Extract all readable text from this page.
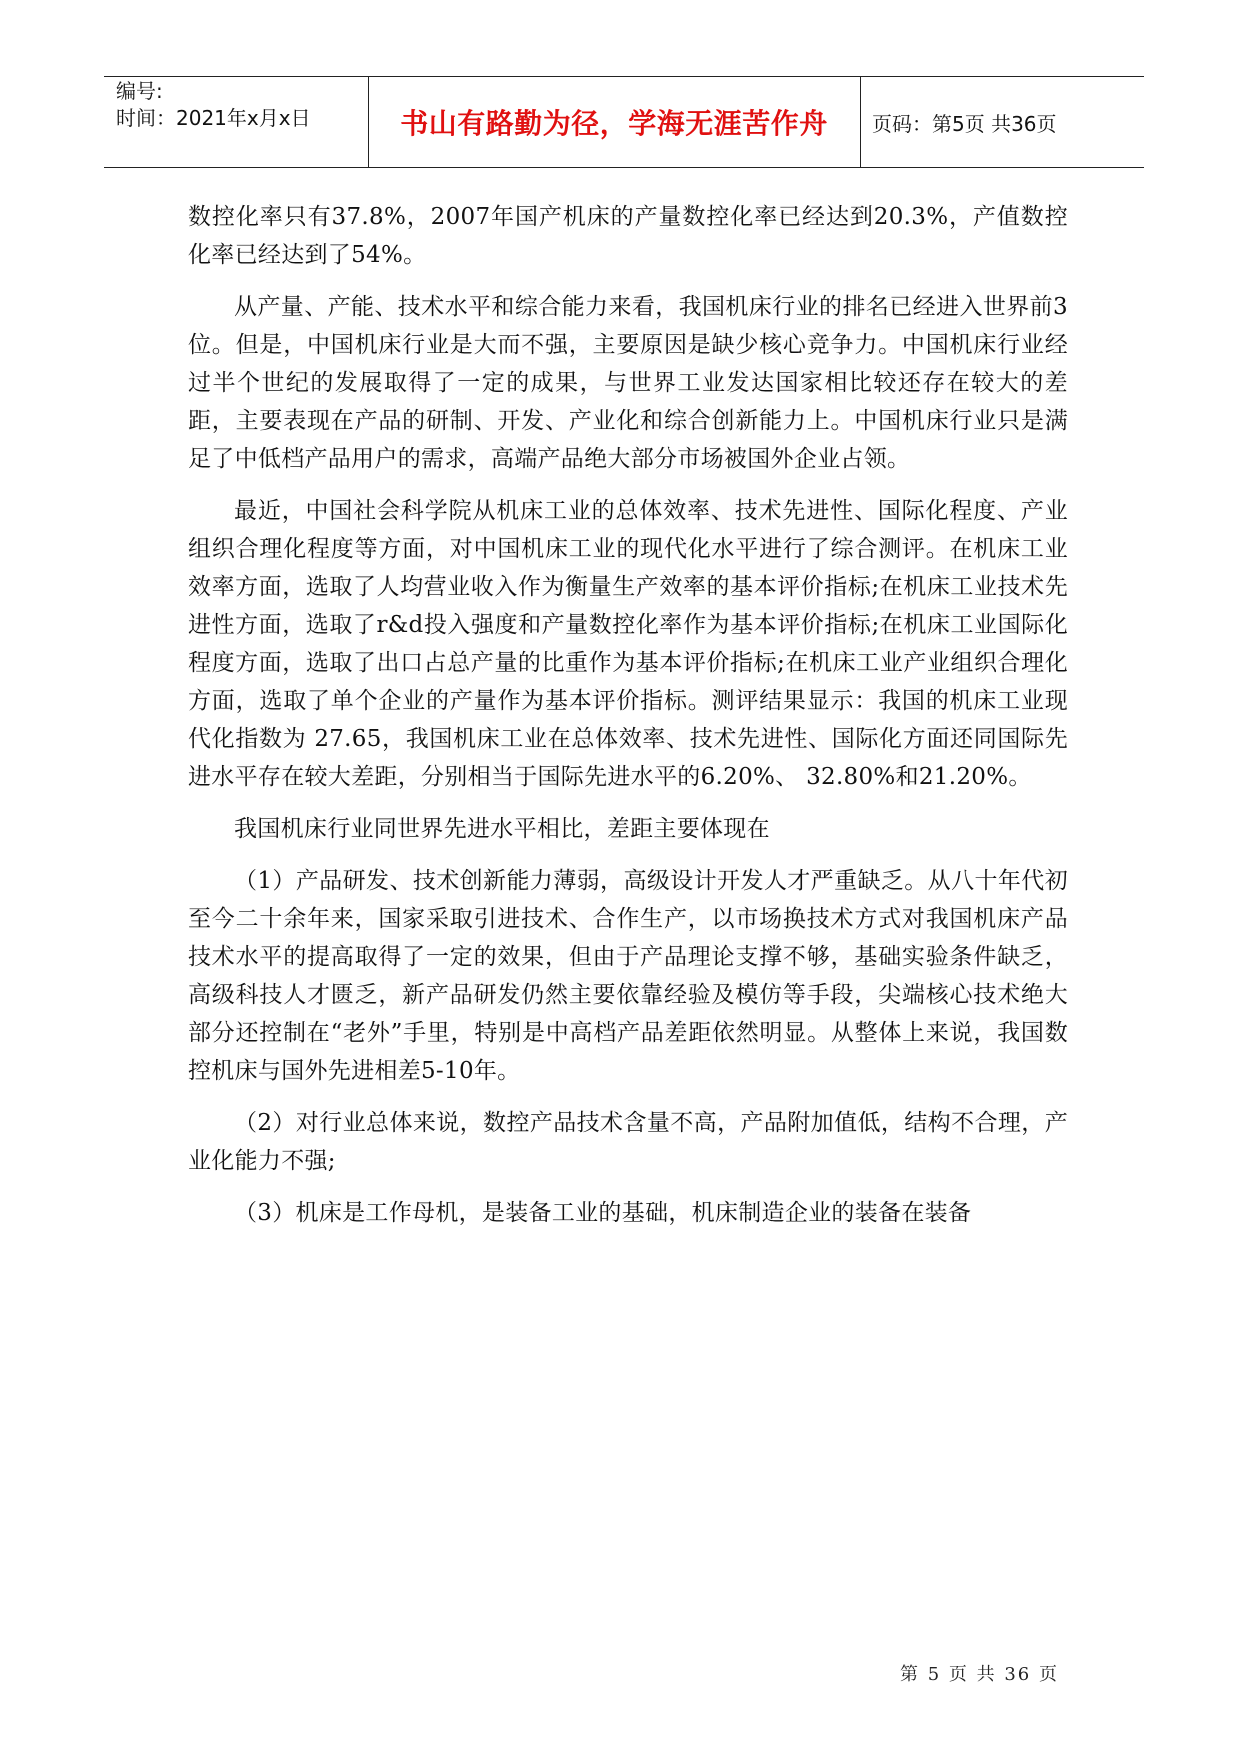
编号:
时间：2021年x月x日	书山有路勤为径，学海无涯苦作舟 页码：第5页 共36页

数控化率只有37.8%，2007年国产机床的产量数控化率已经达到20.3%，产值数控化率已经达到了54%。

从产量、产能、技术水平和综合能力来看，我国机床行业的排名已经进入世界前3位。但是，中国机床行业是大而不强，主要原因是缺少核心竞争力。中国机床行业经过半个世纪的发展取得了一定的成果，与世界工业发达国家相比较还存在较大的差距，主要表现在产品的研制、开发、产业化和综合创新能力上。中国机床行业只是满足了中低档产品用户的需求，高端产品绝大部分市场被国外企业占领。

最近，中国社会科学院从机床工业的总体效率、技术先进性、国际化程度、产业组织合理化程度等方面，对中国机床工业的现代化水平进行了综合测评。在机床工业效率方面，选取了人均营业收入作为衡量生产效率的基本评价指标;在机床工业技术先进性方面，选取了r&d投入强度和产量数控化率作为基本评价指标;在机床工业国际化程度方面，选取了出口占总产量的比重作为基本评价指标;在机床工业产业组织合理化方面，选取了单个企业的产量作为基本评价指标。测评结果显示：我国的机床工业现代化指数为 27.65，我国机床工业在总体效率、技术先进性、国际化方面还同国际先进水平存在较大差距，分别相当于国际先进水平的6.20%、 32.80%和21.20%。

我国机床行业同世界先进水平相比，差距主要体现在

（1）产品研发、技术创新能力薄弱，高级设计开发人才严重缺乏。从八十年代初至今二十余年来，国家采取引进技术、合作生产，以市场换技术方式对我国机床产品技术水平的提高取得了一定的效果，但由于产品理论支撑不够，基础实验条件缺乏，高级科技人才匮乏，新产品研发仍然主要依靠经验及模仿等手段，尖端核心技术绝大部分还控制在“老外”手里，特别是中高档产品差距依然明显。从整体上来说，我国数控机床与国外先进相差5-10年。

（2）对行业总体来说，数控产品技术含量不高，产品附加值低，结构不合理，产业化能力不强;

（3）机床是工作母机，是装备工业的基础，机床制造企业的装备在装备

第 5 页 共 36 页
